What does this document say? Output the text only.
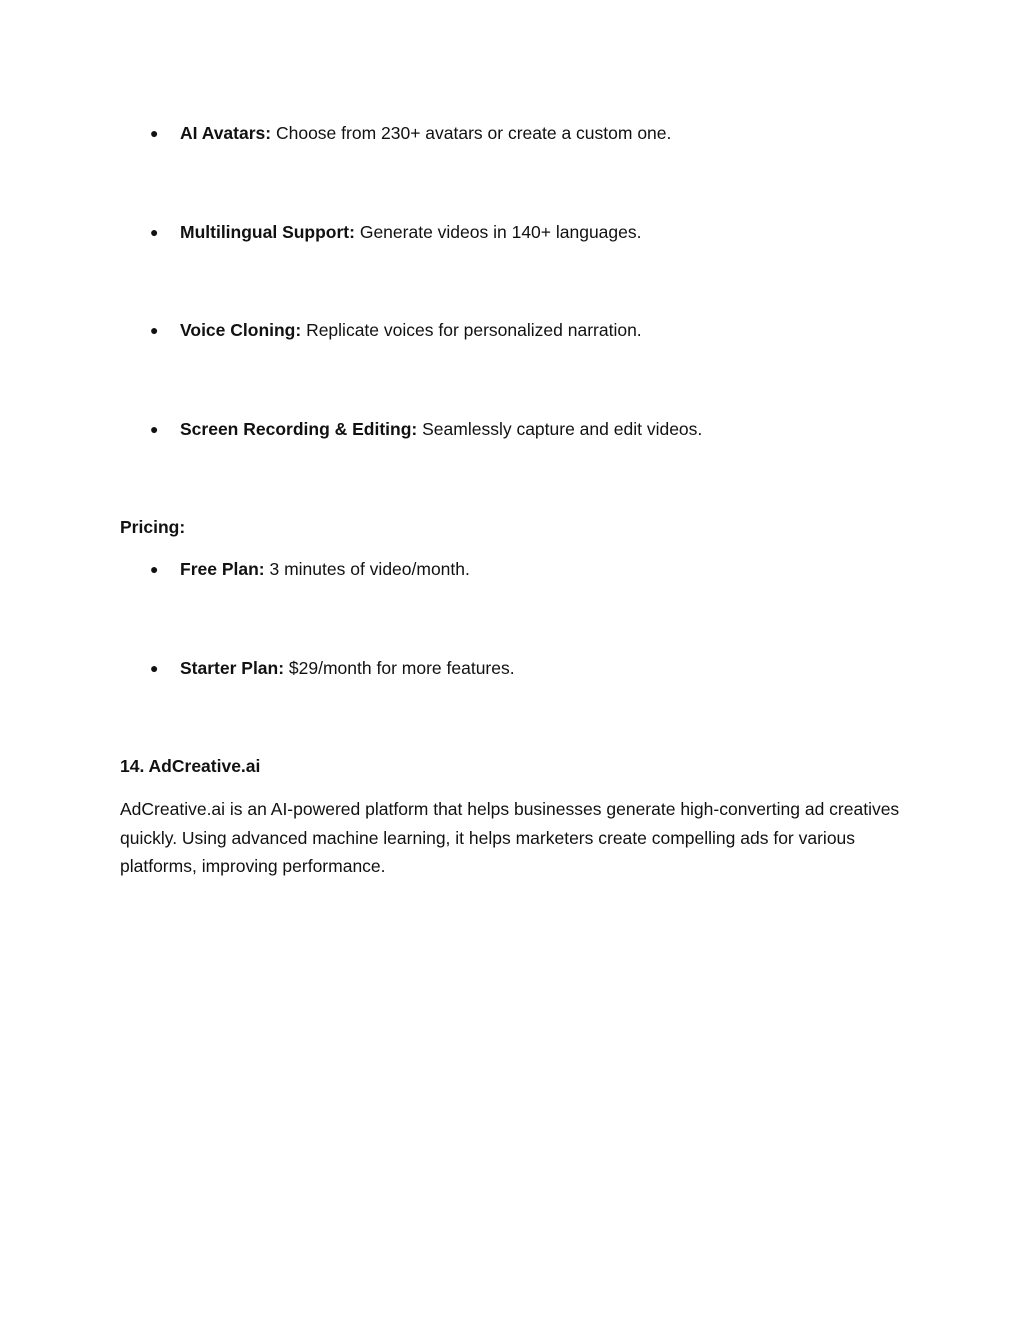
● AI Avatars: Choose from 230+ avatars or create a custom one.
● Multilingual Support: Generate videos in 140+ languages.
● Voice Cloning: Replicate voices for personalized narration.
● Screen Recording & Editing: Seamlessly capture and edit videos.
Pricing:
● Free Plan: 3 minutes of video/month.
● Starter Plan: $29/month for more features.
14. AdCreative.ai
AdCreative.ai is an AI-powered platform that helps businesses generate high-converting ad creatives quickly. Using advanced machine learning, it helps marketers create compelling ads for various platforms, improving performance.
